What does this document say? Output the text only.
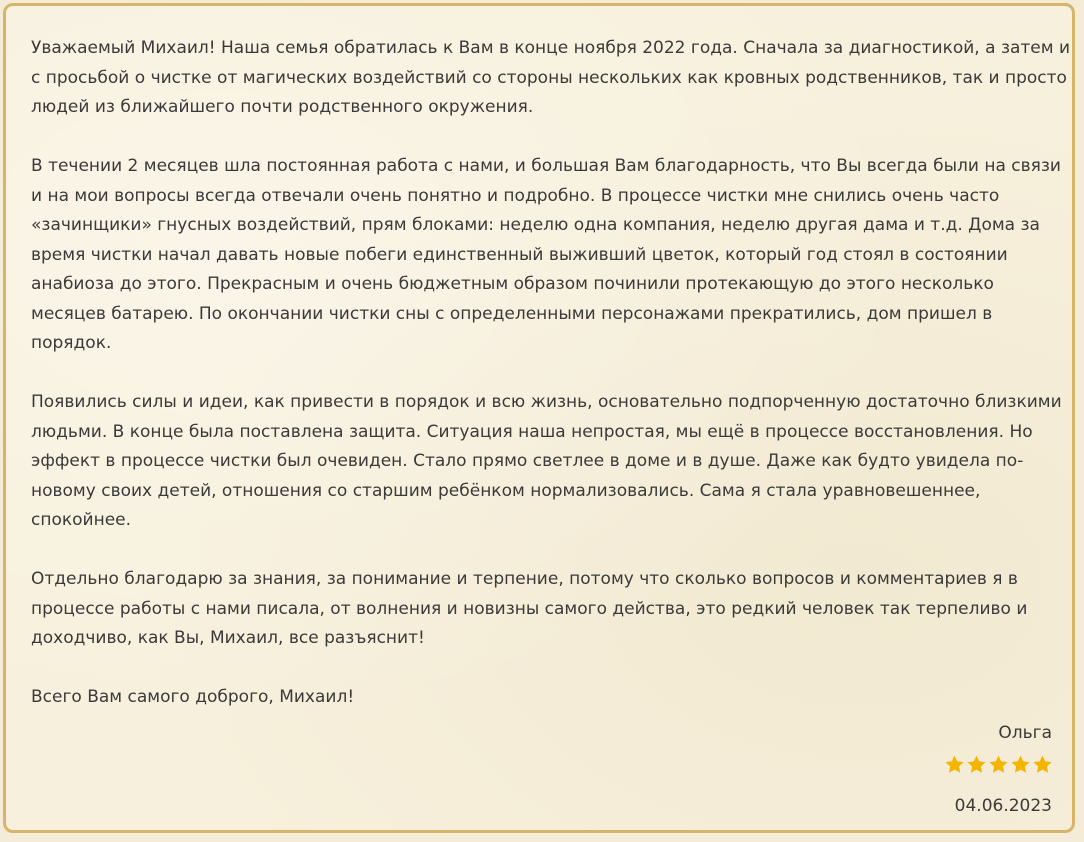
Уважаемый Михаил! Наша семья обратилась к Вам в конце ноября 2022 года. Сначала за диагностикой, а затем и с просьбой о чистке от магических воздействий со стороны нескольких как кровных родственников, так и просто людей из ближайшего почти родственного окружения.

В течении 2 месяцев шла постоянная работа с нами, и большая Вам благодарность, что Вы всегда были на связи и на мои вопросы всегда отвечали очень понятно и подробно. В процессе чистки мне снились очень часто «зачинщики» гнусных воздействий, прям блоками: неделю одна компания, неделю другая дама и т.д. Дома за время чистки начал давать новые побеги единственный выживший цветок, который год стоял в состоянии анабиоза до этого. Прекрасным и очень бюджетным образом починили протекающую до этого несколько месяцев батарею. По окончании чистки сны с определенными персонажами прекратились, дом пришел в порядок.

Появились силы и идеи, как привести в порядок и всю жизнь, основательно подпорченную достаточно близкими людьми. В конце была поставлена защита. Ситуация наша непростая, мы ещё в процессе восстановления. Но эффект в процессе чистки был очевиден. Стало прямо светлее в доме и в душе. Даже как будто увидела по-новому своих детей, отношения со старшим ребёнком нормализовались. Сама я стала уравновешеннее, спокойнее.

Отдельно благодарю за знания, за понимание и терпение, потому что сколько вопросов и комментариев я в процессе работы с нами писала, от волнения и новизны самого действа, это редкий человек так терпеливо и доходчиво, как Вы, Михаил, все разъяснит!

Всего Вам самого доброго, Михаил!

Ольга
04.06.2023
